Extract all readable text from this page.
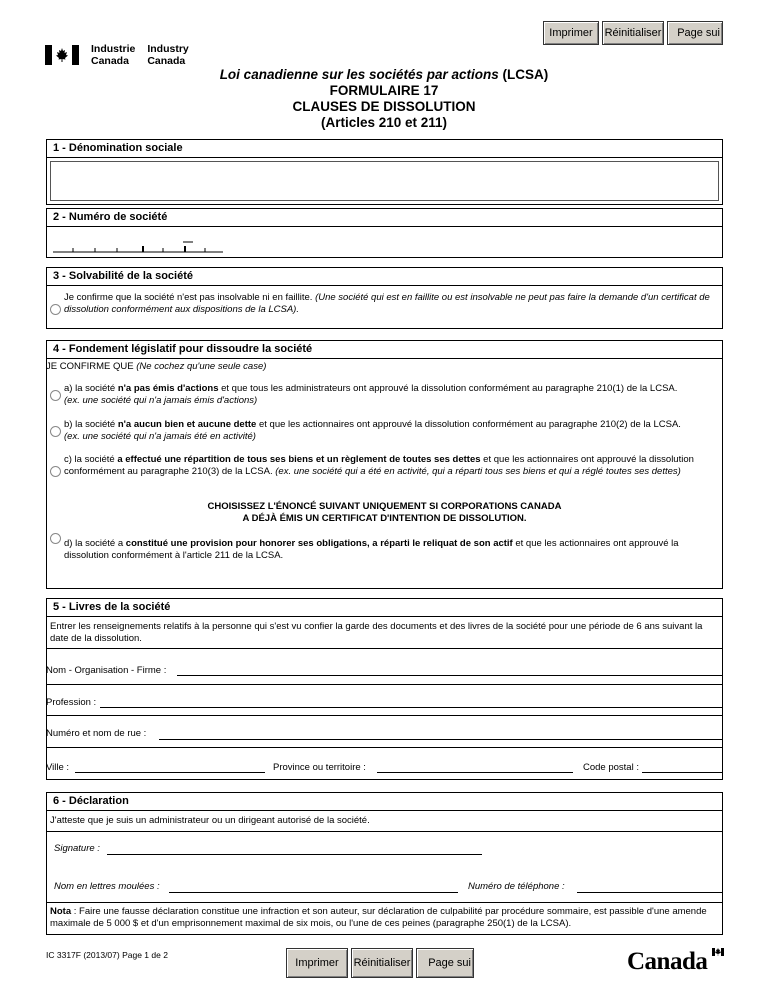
Imprimer	Réinitialiser	Page sui
Industrie
Canada
Industry
Canada
Loi canadienne sur les sociétés par actions (LCSA)
FORMULAIRE 17
CLAUSES DE DISSOLUTION
(Articles 210 et 211)
1 - Dénomination sociale
2 - Numéro de société
3 - Solvabilité de la société
Je confirme que la société n'est pas insolvable ni en faillite. (Une société qui est en faillite ou est insolvable ne peut pas faire la demande d'un certificat de dissolution conformément aux dispositions de la LCSA).
4 - Fondement législatif pour dissoudre la société
JE CONFIRME QUE (Ne cochez qu'une seule case)
a) la société n'a pas émis d'actions et que tous les administrateurs ont approuvé la dissolution conformément au paragraphe 210(1) de la LCSA.
(ex. une société qui n'a jamais émis d'actions)
b) la société n'a aucun bien et aucune dette et que les actionnaires ont approuvé la dissolution conformément au paragraphe 210(2) de la LCSA.
(ex. une société qui n'a jamais été en activité)
c) la société a effectué une répartition de tous ses biens et un règlement de toutes ses dettes et que les actionnaires ont approuvé la dissolution conformément au paragraphe 210(3) de la LCSA. (ex. une société qui a été en activité, qui a réparti tous ses biens et qui a réglé toutes ses dettes)
CHOISISSEZ L'ÉNONCÉ SUIVANT UNIQUEMENT SI CORPORATIONS CANADA
A DÉJÀ ÉMIS UN CERTIFICAT D'INTENTION DE DISSOLUTION.
d) la société a constitué une provision pour honorer ses obligations, a réparti le reliquat de son actif et que les actionnaires ont approuvé la dissolution conformément à l'article 211 de la LCSA.
5 - Livres de la société
Entrer les renseignements relatifs à la personne qui s'est vu confier la garde des documents et des livres de la société pour une période de 6 ans suivant la date de la dissolution.
Nom - Organisation - Firme :
Profession :
Numéro et nom de rue :
Ville :	Province ou territoire :	Code postal :
6 - Déclaration
J'atteste que je suis un administrateur ou un dirigeant autorisé de la société.
Signature :
Nom en lettres moulées :	Numéro de téléphone :
Nota : Faire une fausse déclaration constitue une infraction et son auteur, sur déclaration de culpabilité par procédure sommaire, est passible d'une amende maximale de 5 000 $ et d'un emprisonnement maximal de six mois, ou l'une de ces peines (paragraphe 250(1) de la LCSA).
IC 3317F (2013/07) Page 1 de 2
Imprimer	Réinitialiser	Page sui	Canada
